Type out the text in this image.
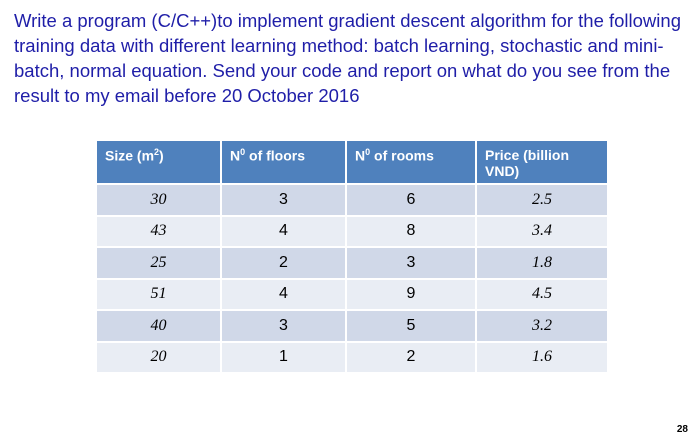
Write a program (C/C++)to implement gradient descent algorithm for the following training data with different learning method: batch learning, stochastic and mini-batch, normal equation. Send your code and report on what do you see from the result to my email before 20 October 2016

Size $(m^2)$	$N^0$ of floors	$N^0$ of rooms	Price (billion VND)
30	3	6	2.5
43	4	8	3.4
25	2	3	1.8
51	4	9	4.5
40	3	5	3.2
20	1	2	1.6
28
